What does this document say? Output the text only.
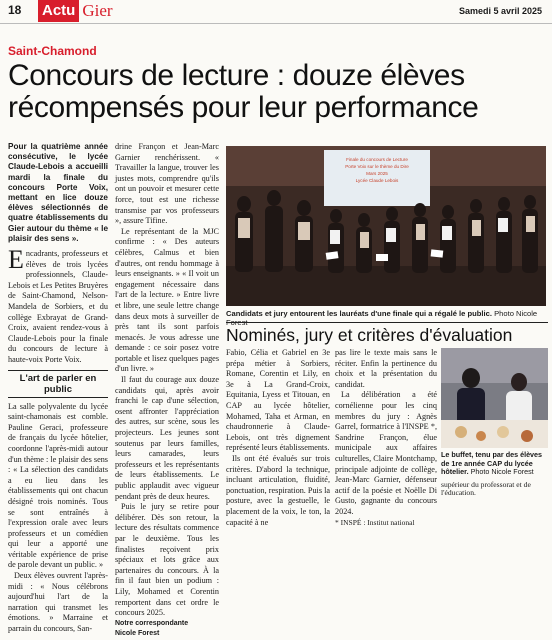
18 Actu Gier	Samedi 5 avril 2025
Saint-Chamond
Concours de lecture : douze élèves récompensés pour leur performance

Pour la quatrième année consécutive, le lycée Claude-Lebois a accueilli mardi la finale du concours Porte Voix, mettant en lice douze élèves sélectionnés de quatre établissements du Gier autour du thème « le plaisir des sens ».

Encadrants, professeurs et élèves de trois lycées professionnels, Claude-Lebois et Les Petites Bruyères de Saint-Chamond, Nelson-Mandela de Sorbiers, et du collège Exbrayat de Grand-Croix, avaient rendez-vous à Claude-Lebois pour la finale du concours de lecture à haute-voix Porte Voix.

L'art de parler en public

La salle polyvalente du lycée saint-chamonais est comble. Pauline Geraci, professeure de français du lycée hôtelier, coordonne l'après-midi autour d'un thème : le plaisir des sens : « La sélection des candidats a eu lieu dans les établissements qui ont chacun désigné trois nominés. Tous se sont entraînés à l'expression orale avec leurs professeurs et un comédien qui leur a apporté une véritable expérience de prise de parole devant un public. »

Deux élèves ouvrent l'après-midi : « Nous célébrons aujourd'hui l'art de la narration qui transmet les émotions. » Marraine et parrain du concours, San-

drine Françon et Jean-Marc Garnier renchérissent. « Travailler la langue, trouver les justes mots, comprendre qu'ils ont un pouvoir et mesurer cette force, tout est une richesse transmise par vos professeurs », assure Tifine.

Le représentant de la MJC confirme : « Des auteurs célèbres, Calmus et bien d'autres, ont rendu hommage à leurs enseignants. » « Il voit un engagement nécessaire dans l'art de la lecture. » Entre livre et libre, une seule lettre change dans deux mots à surveiller de près tant ils sont parfois menacés. Je vous adresse une demande : ce soir posez votre portable et lisez quelques pages d'un livre. »

Il faut du courage aux douze candidats qui, après avoir franchi le cap d'une sélection, osent affronter l'appréciation des autres, sur scène, sous les projecteurs. Les jeunes sont soutenus par leurs familles, leurs camarades, leurs professeurs et les représentants de leurs établissements. Le public applaudit avec vigueur pendant près de deux heures.

Puis le jury se retire pour délibérer. Dès son retour, la lecture des résultats commence par le deuxième. Tous les finalistes reçoivent prix spéciaux et lots grâce aux partenaires du concours. À la fin il faut bien un podium : Lily, Mohamed et Corentin remportent dans cet ordre le concours 2025.

Notre correspondante

Nicole Forest

Finale du concours de Lecture
Porte Voix sur le thème du Dire
Mars 2025
Lycée Claude Lebois
Candidats et jury entourent les lauréats d'une finale qui a régalé le public. Photo Nicole Forest
Nominés, jury et critères d'évaluation

Fabio, Célia et Gabriel en 3e prépa métier à Sorbiers, Romane, Corentin et Lily, en 3e à La Grand-Croix, Equitania, Lyess et Titouan, en CAP au lycée hôtelier, Mohamed, Taha et Arman, en chaudronnerie à Claude-Lebois, ont très dignement représenté leurs établissements.

Ils ont été évalués sur trois critères. D'abord la technique, incluant articulation, fluidité, ponctuation, respiration. Puis la posture, avec la gestuelle, le placement de la voix, le ton, la capacité à ne

pas lire le texte mais sans le réciter. Enfin la pertinence du choix et la présentation du candidat.

La délibération a été cornélienne pour les cinq membres du jury : Agnès Garrel, formatrice à l'INSPE *, Sandrine Françon, élue municipale aux affaires culturelles, Claire Montchamp, principale adjointe de collège, Jean-Marc Garnier, défenseur actif de la poésie et Noëlle Di Gusto, gagnante du concours 2024.

* INSPÉ : Institut national

Le buffet, tenu par des élèves de 1re année CAP du lycée hôtelier. Photo Nicole Forest
supérieur du professorat et de l'éducation.
